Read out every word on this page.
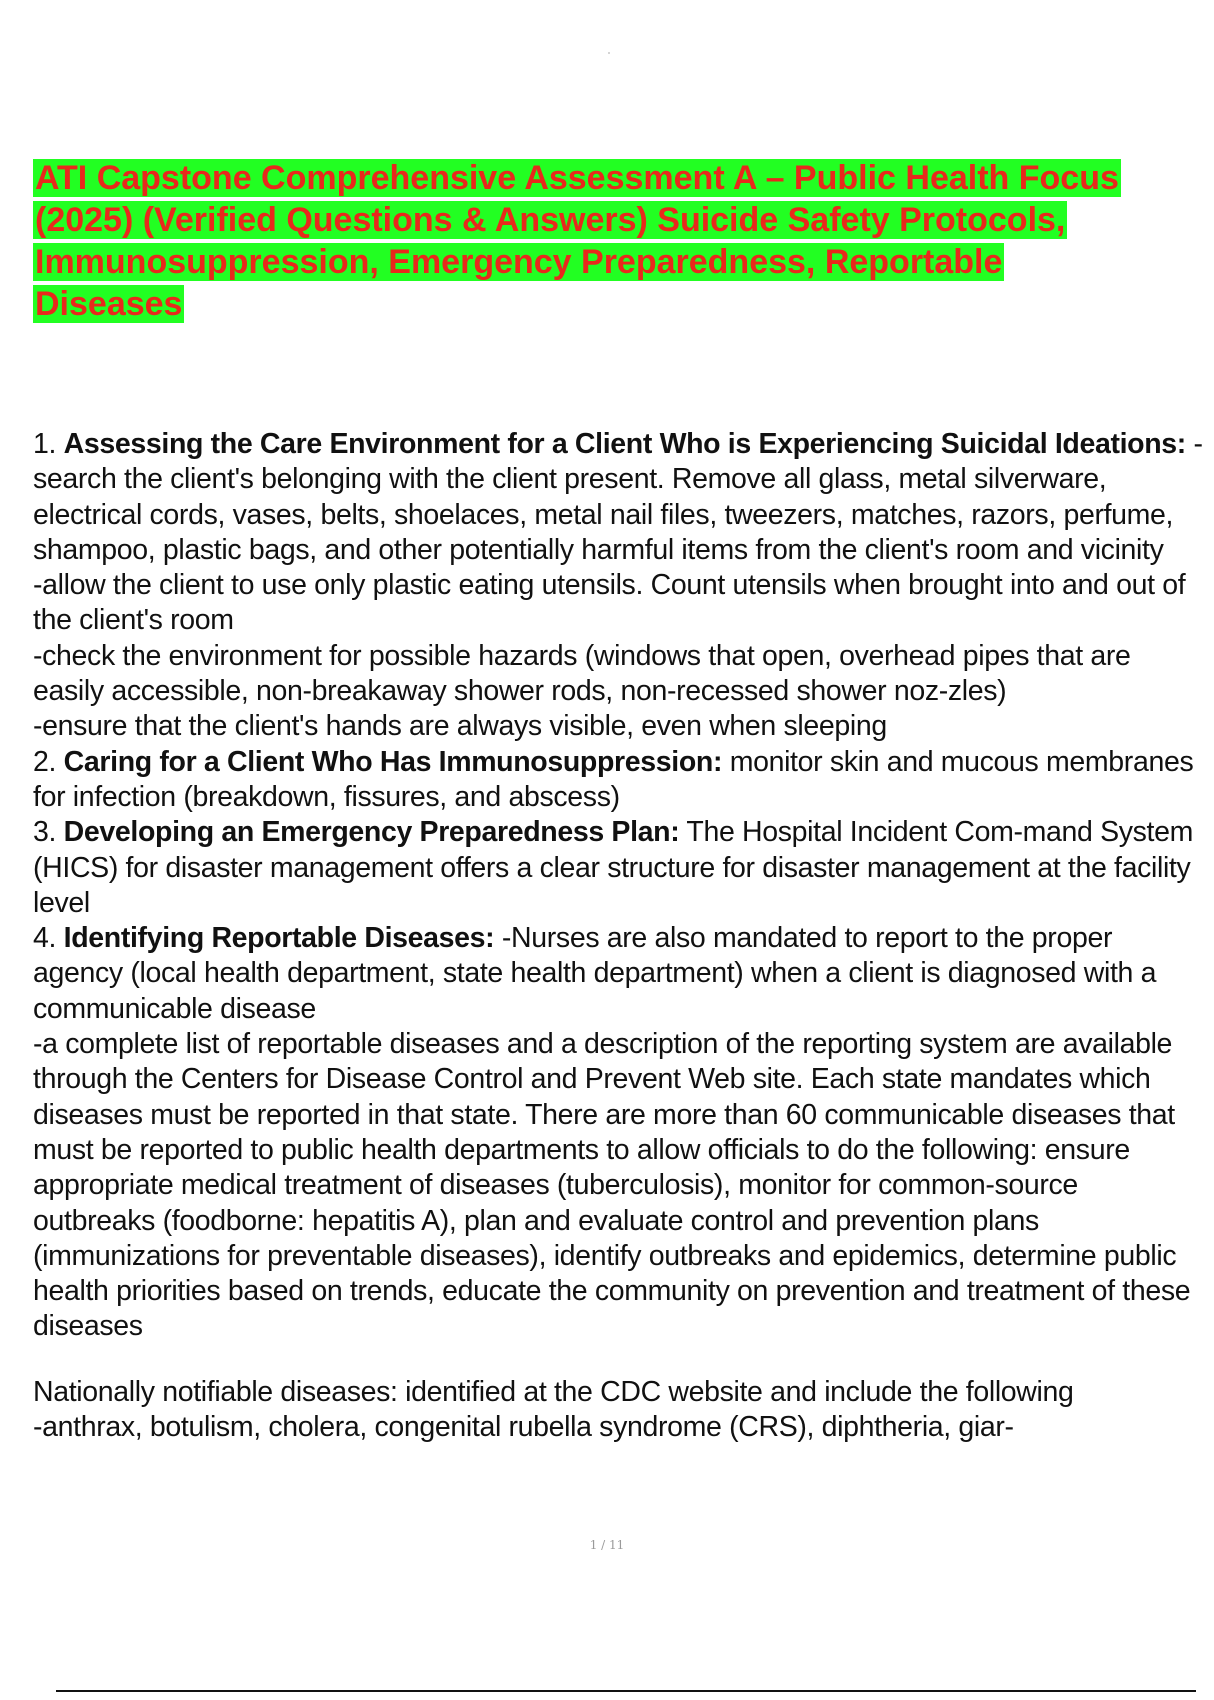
ATI Capstone Comprehensive Assessment A – Public Health Focus (2025) (Verified Questions & Answers) Suicide Safety Protocols, Immunosuppression, Emergency Preparedness, Reportable Diseases

1. Assessing the Care Environment for a Client Who is Experiencing Suicidal Ideations: -search the client's belonging with the client present. Remove all glass, metal silverware, electrical cords, vases, belts, shoelaces, metal nail files, tweezers, matches, razors, perfume, shampoo, plastic bags, and other potentially harmful items from the client's room and vicinity

-allow the client to use only plastic eating utensils. Count utensils when brought into and out of the client's room

-check the environment for possible hazards (windows that open, overhead pipes that are easily accessible, non-breakaway shower rods, non-recessed shower noz-zles)

-ensure that the client's hands are always visible, even when sleeping

2. Caring for a Client Who Has Immunosuppression: monitor skin and mucous membranes for infection (breakdown, fissures, and abscess)

3. Developing an Emergency Preparedness Plan: The Hospital Incident Com-mand System (HICS) for disaster management offers a clear structure for disaster management at the facility level

4. Identifying Reportable Diseases: -Nurses are also mandated to report to the proper agency (local health department, state health department) when a client is diagnosed with a communicable disease

-a complete list of reportable diseases and a description of the reporting system are available through the Centers for Disease Control and Prevent Web site. Each state mandates which diseases must be reported in that state. There are more than 60 communicable diseases that must be reported to public health departments to allow officials to do the following: ensure appropriate medical treatment of diseases (tuberculosis), monitor for common-source outbreaks (foodborne: hepatitis A), plan and evaluate control and prevention plans (immunizations for preventable diseases), identify outbreaks and epidemics, determine public health priorities based on trends, educate the community on prevention and treatment of these diseases

Nationally notifiable diseases: identified at the CDC website and include the following

-anthrax, botulism, cholera, congenital rubella syndrome (CRS), diphtheria, giar-

1 / 11
